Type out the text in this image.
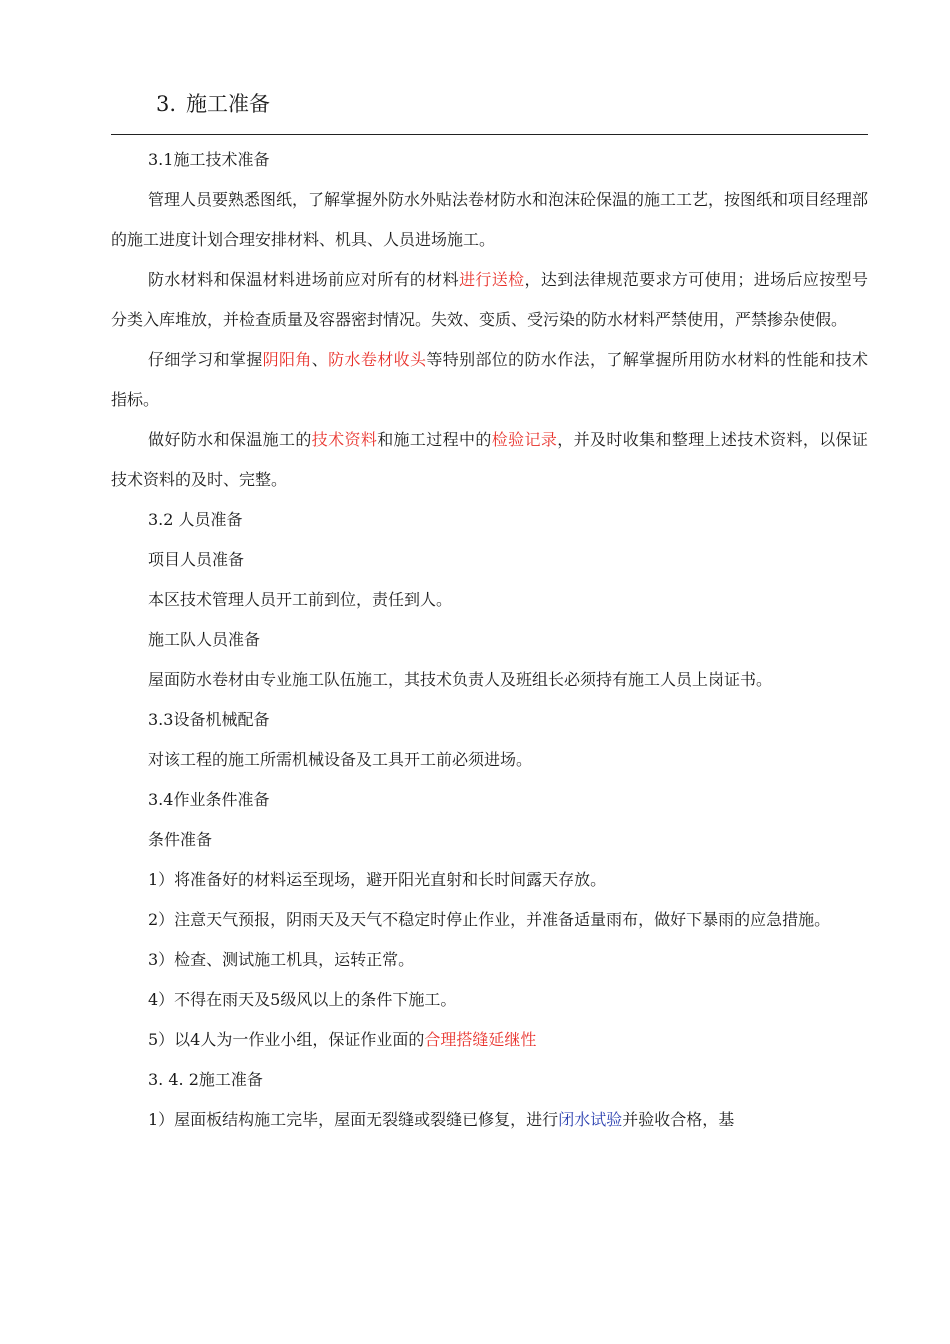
3. 施工准备

3.1施工技术准备

管理人员要熟悉图纸，了解掌握外防水外贴法卷材防水和泡沫砼保温的施工工艺，按图纸和项目经理部的施工进度计划合理安排材料、机具、人员进场施工。

防水材料和保温材料进场前应对所有的材料进行送检，达到法律规范要求方可使用；进场后应按型号分类入库堆放，并检查质量及容器密封情况。失效、变质、受污染的防水材料严禁使用，严禁掺杂使假。

仔细学习和掌握阴阳角、防水卷材收头等特别部位的防水作法，了解掌握所用防水材料的性能和技术指标。

做好防水和保温施工的技术资料和施工过程中的检验记录，并及时收集和整理上述技术资料，以保证技术资料的及时、完整。

3.2 人员准备

项目人员准备

本区技术管理人员开工前到位，责任到人。

施工队人员准备

屋面防水卷材由专业施工队伍施工，其技术负责人及班组长必须持有施工人员上岗证书。

3.3设备机械配备

对该工程的施工所需机械设备及工具开工前必须进场。

3.4作业条件准备

条件准备

1）将准备好的材料运至现场，避开阳光直射和长时间露天存放。

2）注意天气预报，阴雨天及天气不稳定时停止作业，并准备适量雨布，做好下暴雨的应急措施。

3）检查、测试施工机具，运转正常。

4）不得在雨天及5级风以上的条件下施工。

5）以4人为一作业小组，保证作业面的合理搭缝延继性

3. 4. 2施工准备

1）屋面板结构施工完毕，屋面无裂缝或裂缝已修复，进行闭水试验并验收合格，基
